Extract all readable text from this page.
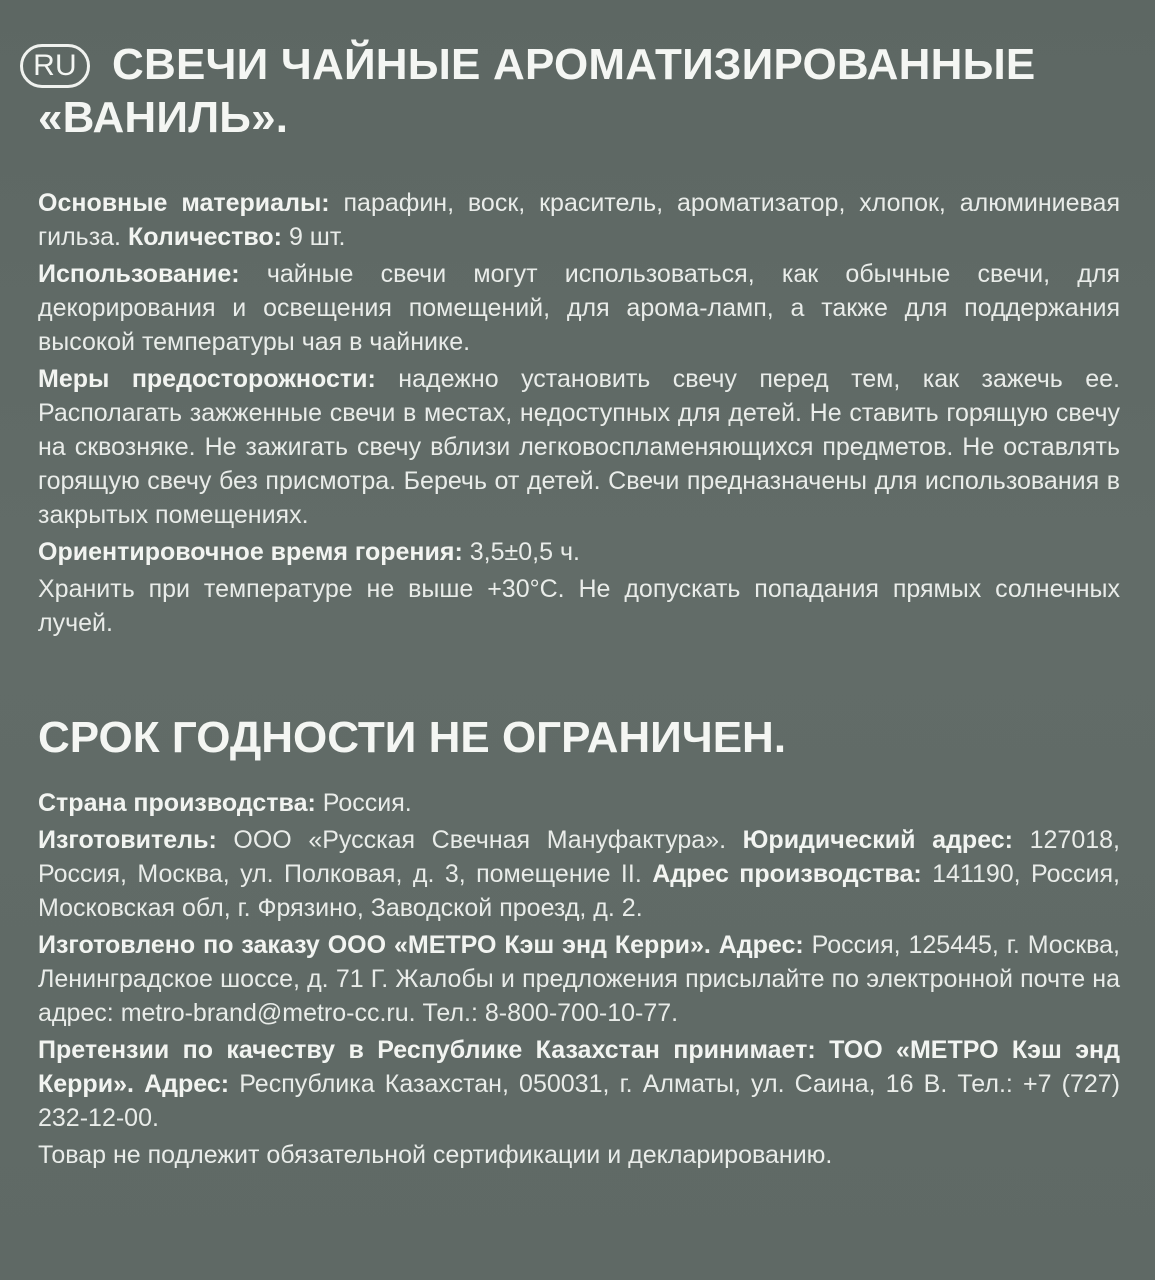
RU СВЕЧИ ЧАЙНЫЕ АРОМАТИЗИРОВАННЫЕ
«ВАНИЛЬ».

Основные материалы: парафин, воск, краситель, ароматизатор, хлопок, алюминиевая гильза. Количество: 9 шт.

Использование: чайные свечи могут использоваться, как обычные свечи, для декорирования и освещения помещений, для арома-ламп, а также для поддержания высокой температуры чая в чайнике.

Меры предосторожности: надежно установить свечу перед тем, как зажечь ее. Располагать зажженные свечи в местах, недоступных для детей. Не ставить горящую свечу на сквозняке. Не зажигать свечу вблизи легковоспламеняющихся предметов. Не оставлять горящую свечу без присмотра. Беречь от детей. Свечи предназначены для использования в закрытых помещениях.

Ориентировочное время горения: 3,5±0,5 ч.

Хранить при температуре не выше +30°С. Не допускать попадания прямых солнечных лучей.

СРОК ГОДНОСТИ НЕ ОГРАНИЧЕН.

Страна производства: Россия.

Изготовитель: ООО «Русская Свечная Мануфактура». Юридический адрес: 127018, Россия, Москва, ул. Полковая, д. 3, помещение II. Адрес производства: 141190, Россия, Московская обл, г. Фрязино, Заводской проезд, д. 2.

Изготовлено по заказу ООО «МЕТРО Кэш энд Керри». Адрес: Россия, 125445, г. Москва, Ленинградское шоссе, д. 71 Г. Жалобы и предложения присылайте по электронной почте на адрес: metro-brand@metro-cc.ru. Тел.: 8-800-700-10-77.

Претензии по качеству в Республике Казахстан принимает: ТОО «МЕТРО Кэш энд Керри». Адрес: Республика Казахстан, 050031, г. Алматы, ул. Саина, 16 В. Тел.: +7 (727) 232-12-00.

Товар не подлежит обязательной сертификации и декларированию.
